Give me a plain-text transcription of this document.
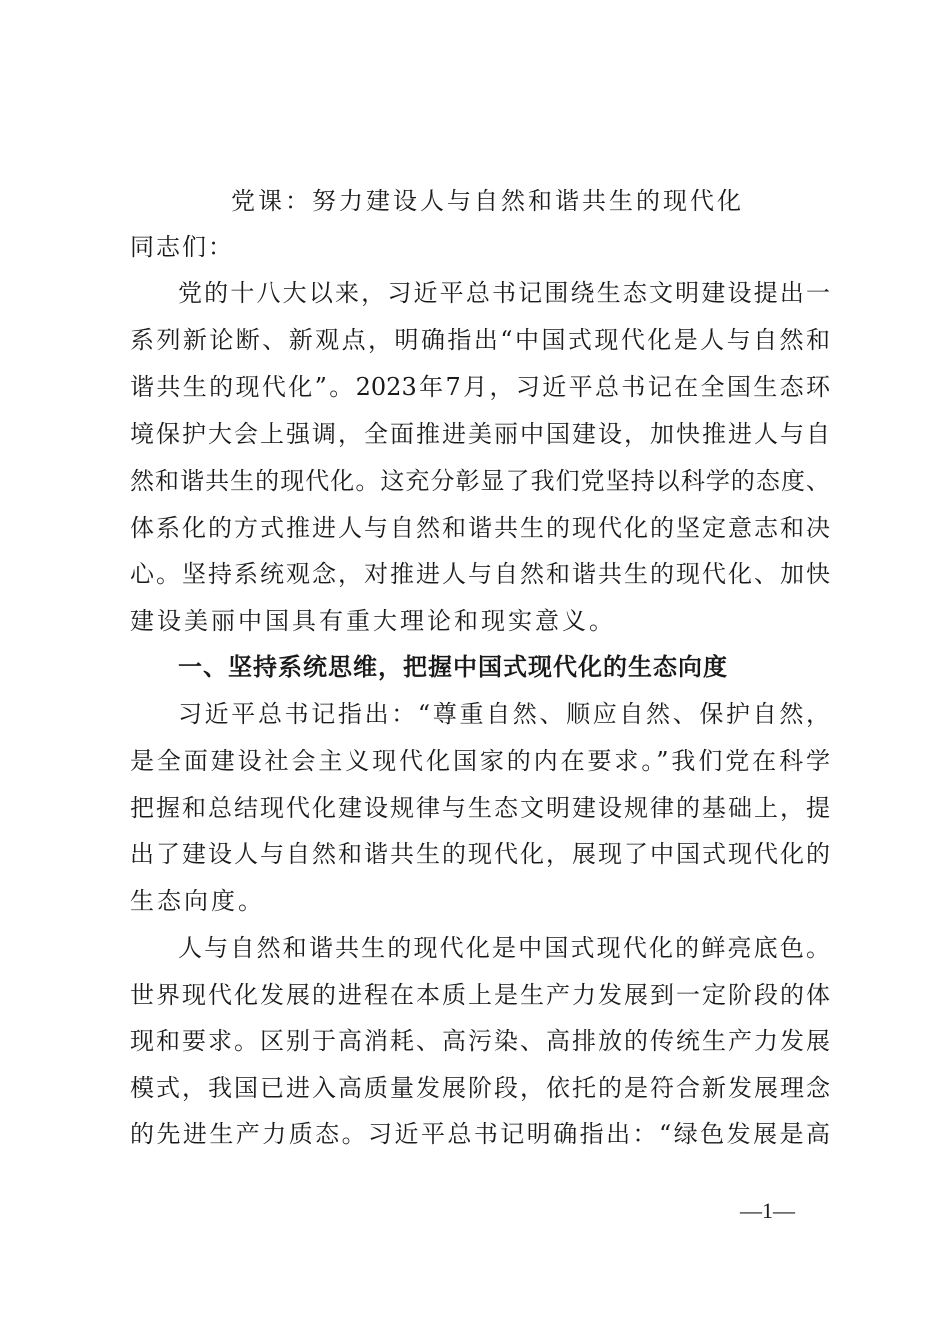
党课：努力建设人与自然和谐共生的现代化
同志们：
党的十八大以来，习近平总书记围绕生态文明建设提出一
系列新论断、新观点，明确指出“中国式现代化是人与自然和
谐共生的现代化”。2023年7月，习近平总书记在全国生态环
境保护大会上强调，全面推进美丽中国建设，加快推进人与自
然和谐共生的现代化。这充分彰显了我们党坚持以科学的态度、
体系化的方式推进人与自然和谐共生的现代化的坚定意志和决
心。坚持系统观念，对推进人与自然和谐共生的现代化、加快
建设美丽中国具有重大理论和现实意义。
一、坚持系统思维，把握中国式现代化的生态向度
习近平总书记指出：“尊重自然、顺应自然、保护自然，
是全面建设社会主义现代化国家的内在要求。”我们党在科学
把握和总结现代化建设规律与生态文明建设规律的基础上，提
出了建设人与自然和谐共生的现代化，展现了中国式现代化的
生态向度。
人与自然和谐共生的现代化是中国式现代化的鲜亮底色。
世界现代化发展的进程在本质上是生产力发展到一定阶段的体
现和要求。区别于高消耗、高污染、高排放的传统生产力发展
模式，我国已进入高质量发展阶段，依托的是符合新发展理念
的先进生产力质态。习近平总书记明确指出：“绿色发展是高
—1—
